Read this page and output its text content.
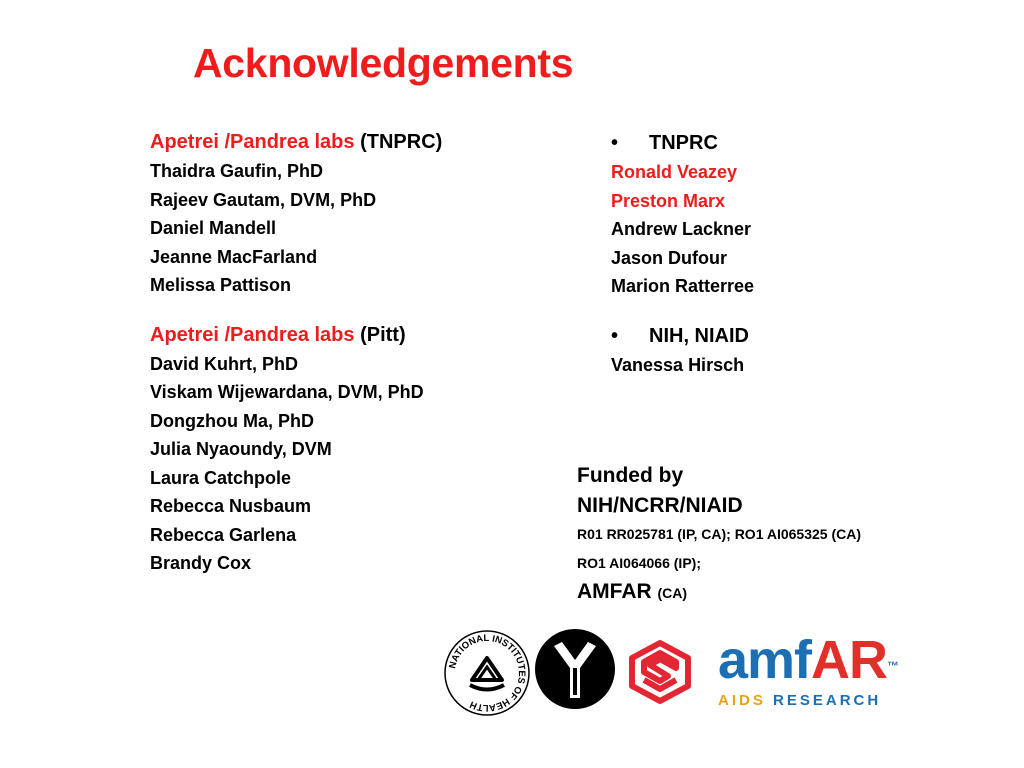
Acknowledgements
Apetrei /Pandrea labs (TNPRC)
Thaidra Gaufin, PhD
Rajeev Gautam, DVM, PhD
Daniel Mandell
Jeanne MacFarland
Melissa Pattison
Apetrei /Pandrea labs (Pitt)
David Kuhrt, PhD
Viskam Wijewardana, DVM, PhD
Dongzhou Ma, PhD
Julia Nyaoundy, DVM
Laura Catchpole
Rebecca Nusbaum
Rebecca Garlena
Brandy Cox
• TNPRC
Ronald Veazey
Preston Marx
Andrew Lackner
Jason Dufour
Marion Ratterree
• NIH, NIAID
Vanessa Hirsch
Funded by
NIH/NCRR/NIAID
R01 RR025781 (IP, CA); RO1 AI065325 (CA)
RO1 AI064066 (IP);
AMFAR (CA)
NATIONAL INSTITUTES OF HEALTH
amfAR™
AIDS RESEARCH
